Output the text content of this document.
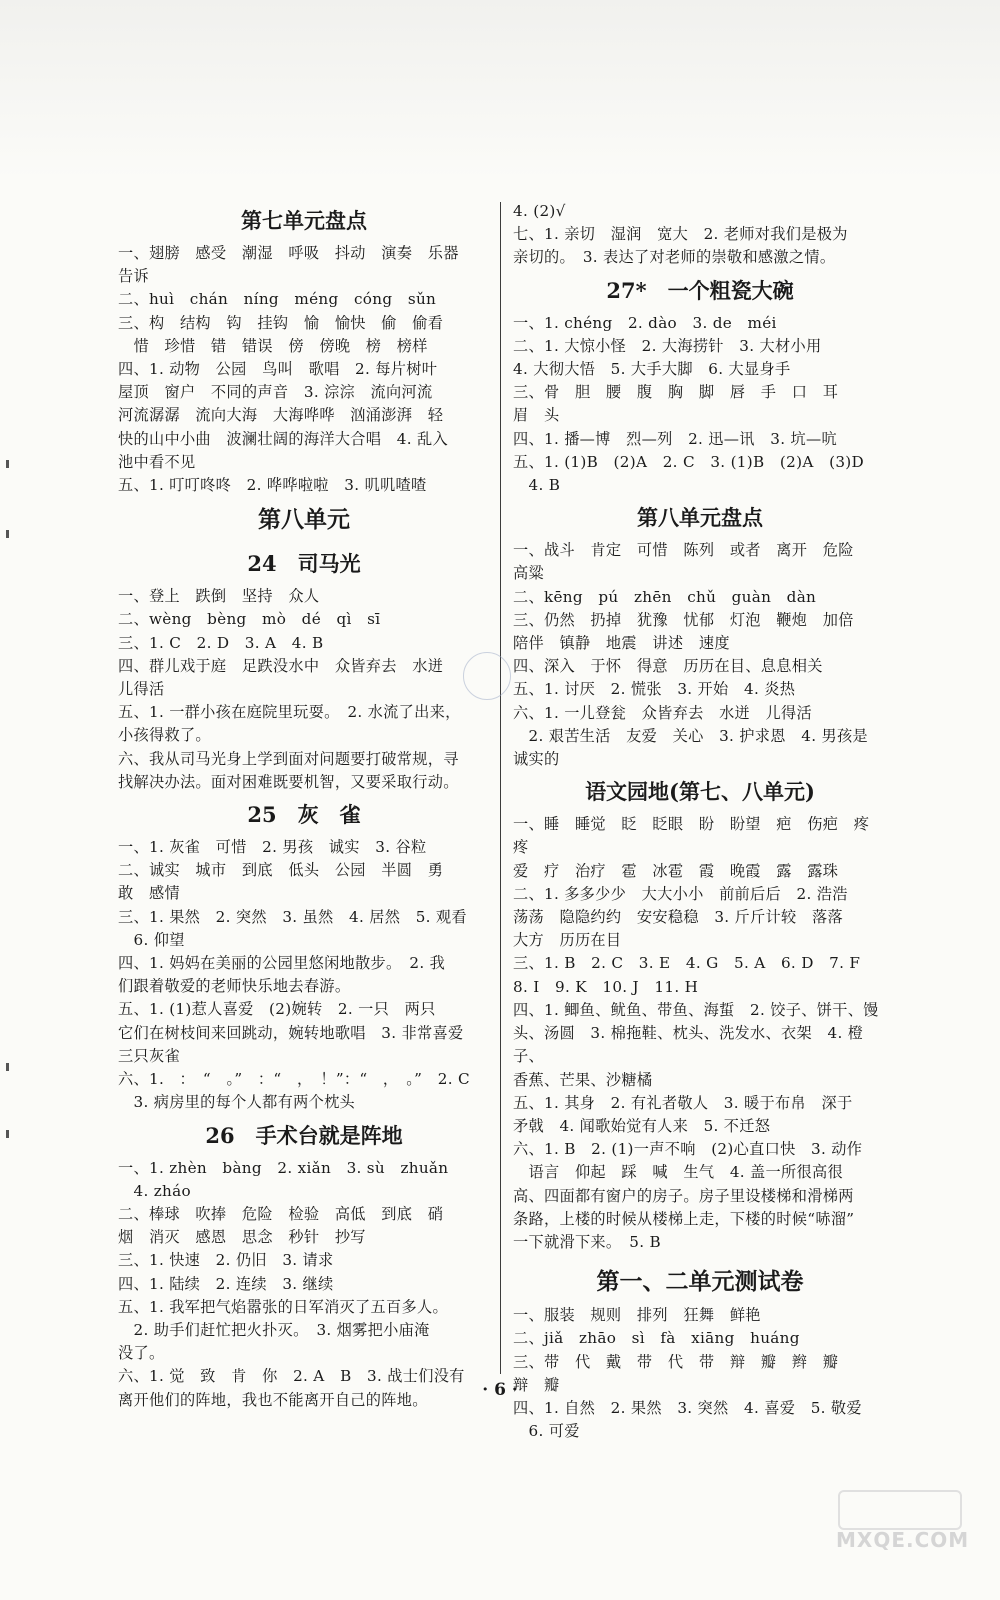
第七单元盘点
一、翅膀　感受　潮湿　呼吸　抖动　演奏　乐器
告诉
二、huì　chán　níng　méng　cóng　sǔn
三、构　结构　钩　挂钩　愉　愉快　偷　偷看
　惜　珍惜　错　错误　傍　傍晚　榜　榜样
四、1. 动物　公园　鸟叫　歌唱　2. 每片树叶
屋顶　窗户　不同的声音　3. 淙淙　流向河流
河流潺潺　流向大海　大海哗哗　汹涌澎湃　轻
快的山中小曲　波澜壮阔的海洋大合唱　4. 乱入
池中看不见
五、1. 叮叮咚咚　2. 哗哗啦啦　3. 叽叽喳喳
第八单元
24　司马光
一、登上　跌倒　坚持　众人
二、wèng　bèng　mò　dé　qì　sī
三、1. C　2. D　3. A　4. B
四、群儿戏于庭　足跌没水中　众皆弃去　水迸
儿得活
五、1. 一群小孩在庭院里玩耍。　2. 水流了出来，
小孩得救了。
六、我从司马光身上学到面对问题要打破常规，寻
找解决办法。面对困难既要机智，又要采取行动。
25　灰　雀
一、1. 灰雀　可惜　2. 男孩　诚实　3. 谷粒
二、诚实　城市　到底　低头　公园　半圆　勇
敢　感情
三、1. 果然　2. 突然　3. 虽然　4. 居然　5. 观看
　6. 仰望
四、1. 妈妈在美丽的公园里悠闲地散步。　2. 我
们跟着敬爱的老师快乐地去春游。
五、1. (1)惹人喜爱　(2)婉转　2. 一只　两只
它们在树枝间来回跳动，婉转地歌唱　3. 非常喜爱
三只灰雀
六、1.　：　“　。”　：“　，　！”：“　，　。”　2. C
　3. 病房里的每个人都有两个枕头
26　手术台就是阵地
一、1. zhèn　bàng　2. xiǎn　3. sù　zhuǎn
　4. zháo
二、棒球　吹捧　危险　检验　高低　到底　硝
烟　消灭　感恩　思念　秒针　抄写
三、1. 快速　2. 仍旧　3. 请求
四、1. 陆续　2. 连续　3. 继续
五、1. 我军把气焰嚣张的日军消灭了五百多人。
　2. 助手们赶忙把火扑灭。　3. 烟雾把小庙淹
没了。
六、1. 觉　致　肯　你　2. A　B　3. 战士们没有
离开他们的阵地，我也不能离开自己的阵地。
4. (2)√
七、1. 亲切　湿润　宽大　2. 老师对我们是极为
亲切的。　3. 表达了对老师的崇敬和感激之情。
27*　一个粗瓷大碗
一、1. chéng　2. dào　3. de　méi
二、1. 大惊小怪　2. 大海捞针　3. 大材小用
4. 大彻大悟　5. 大手大脚　6. 大显身手
三、骨　胆　腰　腹　胸　脚　唇　手　口　耳
眉　头
四、1. 播—博　烈—列　2. 迅—讯　3. 坑—吭
五、1. (1)B　(2)A　2. C　3. (1)B　(2)A　(3)D
　4. B
第八单元盘点
一、战斗　肯定　可惜　陈列　或者　离开　危险
高粱
二、kēng　pú　zhēn　chǔ　guàn　dàn
三、仍然　扔掉　犹豫　忧郁　灯泡　鞭炮　加倍
陪伴　镇静　地震　讲述　速度
四、深入　于怀　得意　历历在目、息息相关
五、1. 讨厌　2. 慌张　3. 开始　4. 炎热
六、1. 一儿登瓮　众皆弃去　水迸　儿得活
　2. 艰苦生活　友爱　关心　3. 护求恩　4. 男孩是
诚实的
语文园地(第七、八单元)
一、睡　睡觉　眨　眨眼　盼　盼望　疤　伤疤　疼　疼
爱　疗　治疗　雹　冰雹　霞　晚霞　露　露珠
二、1. 多多少少　大大小小　前前后后　2. 浩浩
荡荡　隐隐约约　安安稳稳　3. 斤斤计较　落落
大方　历历在目
三、1. B　2. C　3. E　4. G　5. A　6. D　7. F
8. I　9. K　10. J　11. H
四、1. 鲫鱼、鱿鱼、带鱼、海蜇　2. 饺子、饼干、馒
头、汤圆　3. 棉拖鞋、枕头、洗发水、衣架　4. 橙子、
香蕉、芒果、沙糖橘
五、1. 其身　2. 有礼者敬人　3. 暖于布帛　深于
矛戟　4. 闻歌始觉有人来　5. 不迁怒
六、1. B　2. (1)一声不响　(2)心直口快　3. 动作
　语言　仰起　踩　喊　生气　4. 盖一所很高很
高、四面都有窗户的房子。房子里设楼梯和滑梯两
条路，上楼的时候从楼梯上走，下楼的时候“哧溜”
一下就滑下来。　5. B
第一、二单元测试卷
一、服装　规则　排列　狂舞　鲜艳
二、jiǎ　zhāo　sì　fà　xiāng　huáng
三、带　代　戴　带　代　带　辩　瓣　辫　瓣
辩　瓣
四、1. 自然　2. 果然　3. 突然　4. 喜爱　5. 敬爱
　6. 可爱
· 6 ·
MXQE.COM
